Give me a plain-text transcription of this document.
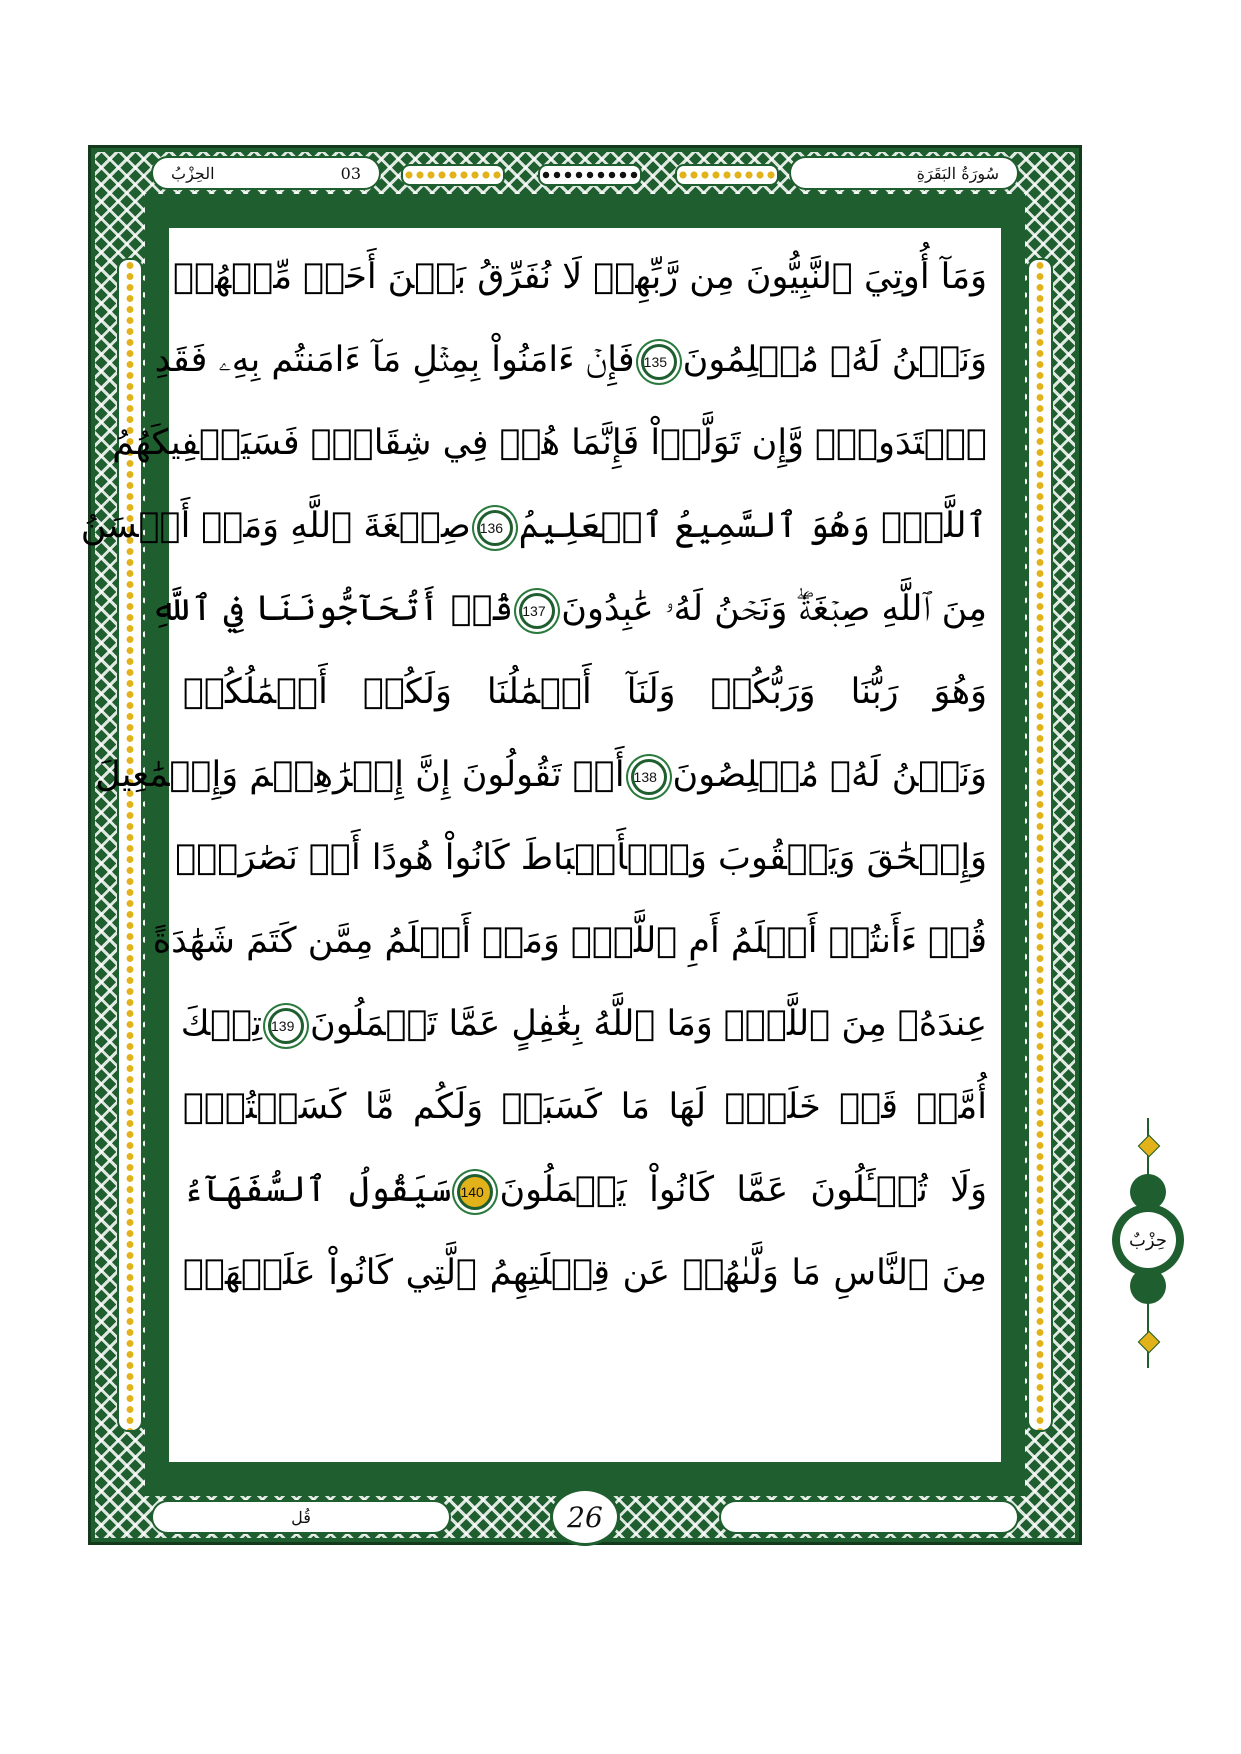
الحِزْبُ	03	سُورَةُ البَقَرَةِ
وَمَآ أُوتِيَ ٱلنَّبِيُّونَ مِن رَّبِّهِمۡ لَا نُفَرِّقُ بَيۡنَ أَحَدٖ مِّنۡهُمۡ
وَنَحۡنُ لَهُۥ مُسۡلِمُونَ135فَإِنۡ ءَامَنُواْ بِمِثۡلِ مَآ ءَامَنتُم بِهِۦ فَقَدِ
ٱهۡتَدَواْۖ وَّإِن تَوَلَّوۡاْ فَإِنَّمَا هُمۡ فِي شِقَاقٖۖ فَسَيَكۡفِيكَهُمُ
ٱللَّهُۚ وَهُوَ ٱلسَّمِيعُ ٱلۡعَلِيمُ136صِبۡغَةَ ٱللَّهِ وَمَنۡ أَحۡسَنُ
مِنَ ٱللَّهِ صِبۡغَةٗۖ وَنَحۡنُ لَهُۥ عَٰبِدُونَ137قُلۡ أَتُحَآجُّونَنَا فِي ٱللَّهِ
وَهُوَ رَبُّنَا وَرَبُّكُمۡ وَلَنَآ أَعۡمَٰلُنَا وَلَكُمۡ أَعۡمَٰلُكُمۡ
وَنَحۡنُ لَهُۥ مُخۡلِصُونَ138أَمۡ تَقُولُونَ إِنَّ إِبۡرَٰهِـۧمَ وَإِسۡمَٰعِيلَ
وَإِسۡحَٰقَ وَيَعۡقُوبَ وَٱلۡأَسۡبَاطَ كَانُواْ هُودًا أَوۡ نَصَٰرَىٰۗ
قُلۡ ءَأَنتُمۡ أَعۡلَمُ أَمِ ٱللَّهُۗ وَمَنۡ أَظۡلَمُ مِمَّن كَتَمَ شَهَٰدَةً
عِندَهُۥ مِنَ ٱللَّهِۗ وَمَا ٱللَّهُ بِغَٰفِلٍ عَمَّا تَعۡمَلُونَ139تِلۡكَ
أُمَّةٞ قَدۡ خَلَتۡۖ لَهَا مَا كَسَبَتۡ وَلَكُم مَّا كَسَبۡتُمۡۖ
وَلَا تُسۡـَٔلُونَ عَمَّا كَانُواْ يَعۡمَلُونَ140سَيَقُولُ ٱلسُّفَهَآءُ
مِنَ ٱلنَّاسِ مَا وَلَّىٰهُمۡ عَن قِبۡلَتِهِمُ ٱلَّتِي كَانُواْ عَلَيۡهَاۚ
قُل	26
حِزْبٌ
